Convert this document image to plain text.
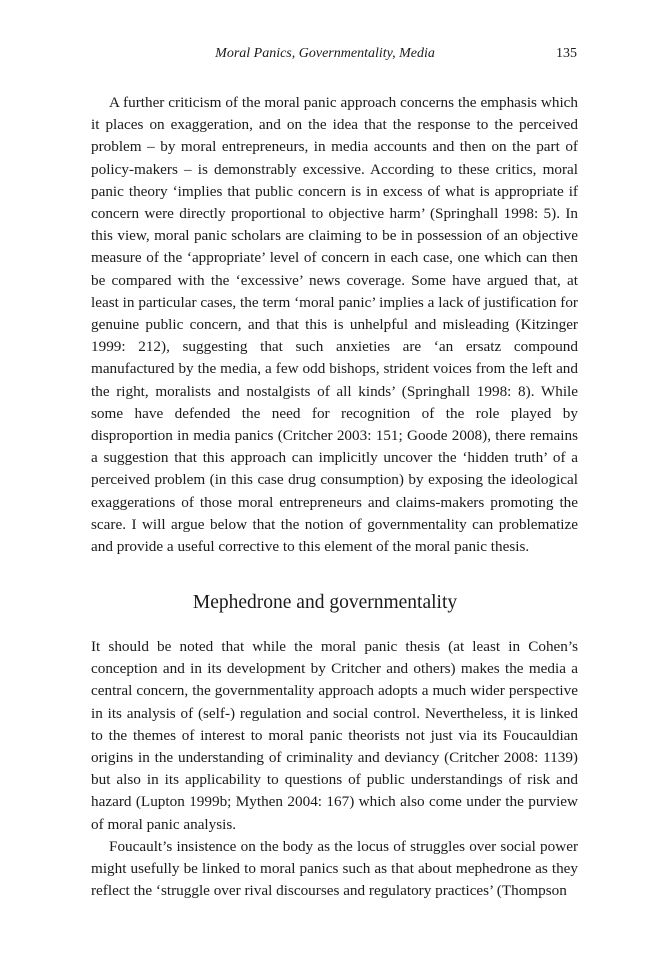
Moral Panics, Governmentality, Media	135

A further criticism of the moral panic approach concerns the emphasis which it places on exaggeration, and on the idea that the response to the perceived problem – by moral entrepreneurs, in media accounts and then on the part of policy-makers – is demonstrably excessive. According to these critics, moral panic theory ‘implies that public concern is in excess of what is appropriate if concern were directly proportional to objective harm’ (Springhall 1998: 5). In this view, moral panic scholars are claiming to be in possession of an objective measure of the ‘appropriate’ level of concern in each case, one which can then be compared with the ‘excessive’ news coverage. Some have argued that, at least in particular cases, the term ‘moral panic’ implies a lack of justification for genuine public concern, and that this is unhelpful and misleading (Kitzinger 1999: 212), suggesting that such anxieties are ‘an ersatz compound manufactured by the media, a few odd bishops, strident voices from the left and the right, moralists and nostalgists of all kinds’ (Springhall 1998: 8). While some have defended the need for recognition of the role played by disproportion in media panics (Critcher 2003: 151; Goode 2008), there remains a suggestion that this approach can implicitly uncover the ‘hidden truth’ of a perceived problem (in this case drug consumption) by exposing the ideological exaggerations of those moral entrepreneurs and claims-makers promoting the scare. I will argue below that the notion of governmentality can problematize and provide a useful corrective to this element of the moral panic thesis.

Mephedrone and governmentality

It should be noted that while the moral panic thesis (at least in Cohen’s conception and in its development by Critcher and others) makes the media a central concern, the governmentality approach adopts a much wider perspective in its analysis of (self-) regulation and social control. Nevertheless, it is linked to the themes of interest to moral panic theorists not just via its Foucauldian origins in the understanding of criminality and deviancy (Critcher 2008: 1139) but also in its applicability to questions of public understandings of risk and hazard (Lupton 1999b; Mythen 2004: 167) which also come under the purview of moral panic analysis.

Foucault’s insistence on the body as the locus of struggles over social power might usefully be linked to moral panics such as that about mephedrone as they reflect the ‘struggle over rival discourses and regulatory practices’ (Thompson
